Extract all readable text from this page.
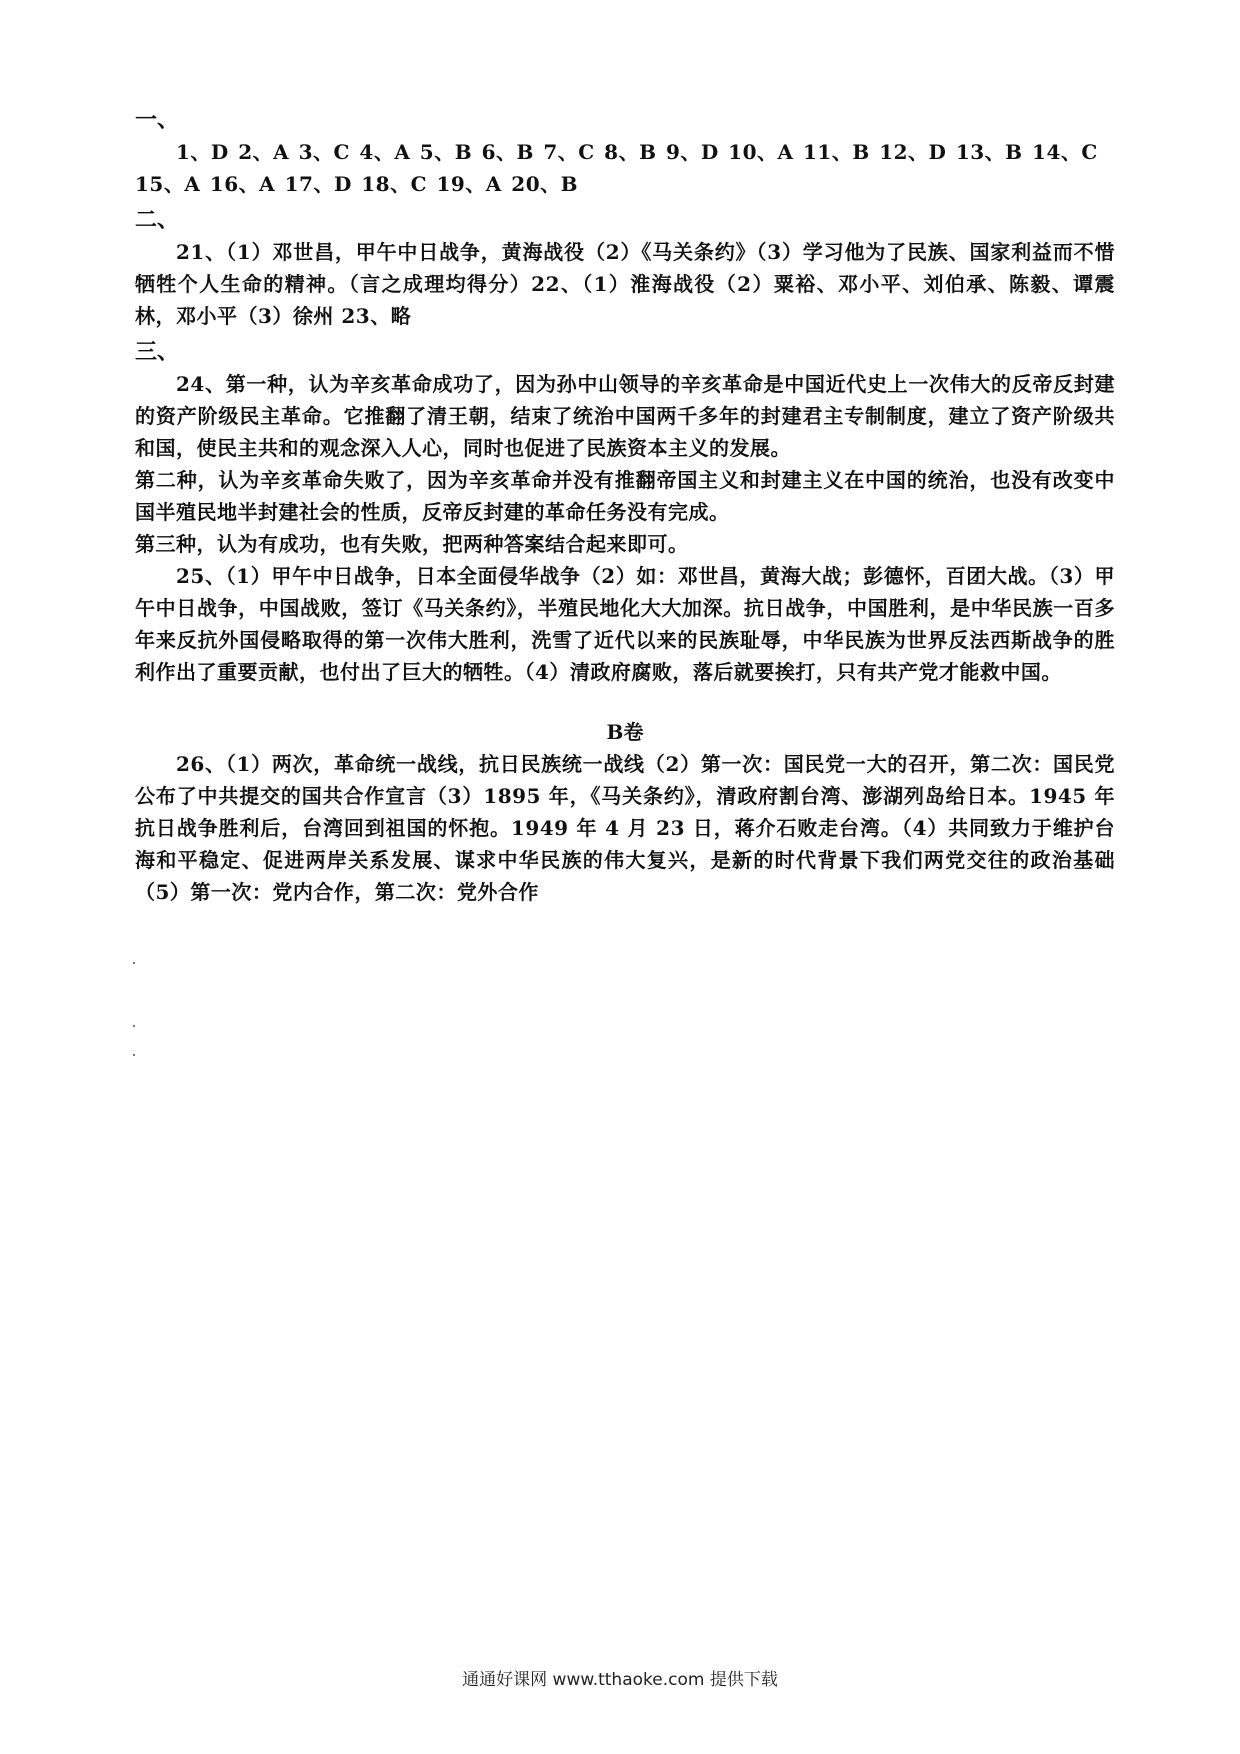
一、

1、D 2、A 3、C 4、A 5、B 6、B 7、C 8、B 9、D 10、A 11、B 12、D 13、B 14、C 15、A 16、A 17、D 18、C 19、A 20、B

二、

21、（1）邓世昌，甲午中日战争，黄海战役（2）《马关条约》（3）学习他为了民族、国家利益而不惜牺牲个人生命的精神。（言之成理均得分）22、（1）淮海战役（2）粟裕、邓小平、刘伯承、陈毅、谭震林，邓小平（3）徐州 23、略

三、

24、第一种，认为辛亥革命成功了，因为孙中山领导的辛亥革命是中国近代史上一次伟大的反帝反封建的资产阶级民主革命。它推翻了清王朝，结束了统治中国两千多年的封建君主专制制度，建立了资产阶级共和国，使民主共和的观念深入人心，同时也促进了民族资本主义的发展。

第二种，认为辛亥革命失败了，因为辛亥革命并没有推翻帝国主义和封建主义在中国的统治，也没有改变中国半殖民地半封建社会的性质，反帝反封建的革命任务没有完成。

第三种，认为有成功，也有失败，把两种答案结合起来即可。

25、（1）甲午中日战争，日本全面侵华战争（2）如：邓世昌，黄海大战；彭德怀，百团大战。（3）甲午中日战争，中国战败，签订《马关条约》，半殖民地化大大加深。抗日战争，中国胜利，是中华民族一百多年来反抗外国侵略取得的第一次伟大胜利，洗雪了近代以来的民族耻辱，中华民族为世界反法西斯战争的胜利作出了重要贡献，也付出了巨大的牺牲。（4）清政府腐败，落后就要挨打，只有共产党才能救中国。

B卷

26、（1）两次，革命统一战线，抗日民族统一战线（2）第一次：国民党一大的召开，第二次：国民党公布了中共提交的国共合作宣言（3）1895 年，《马关条约》，清政府割台湾、澎湖列岛给日本。1945 年抗日战争胜利后，台湾回到祖国的怀抱。1949 年 4 月 23 日，蒋介石败走台湾。（4）共同致力于维护台海和平稳定、促进两岸关系发展、谋求中华民族的伟大复兴，是新的时代背景下我们两党交往的政治基础（5）第一次：党内合作，第二次：党外合作

通通好课网 www.tthaoke.com 提供下载
